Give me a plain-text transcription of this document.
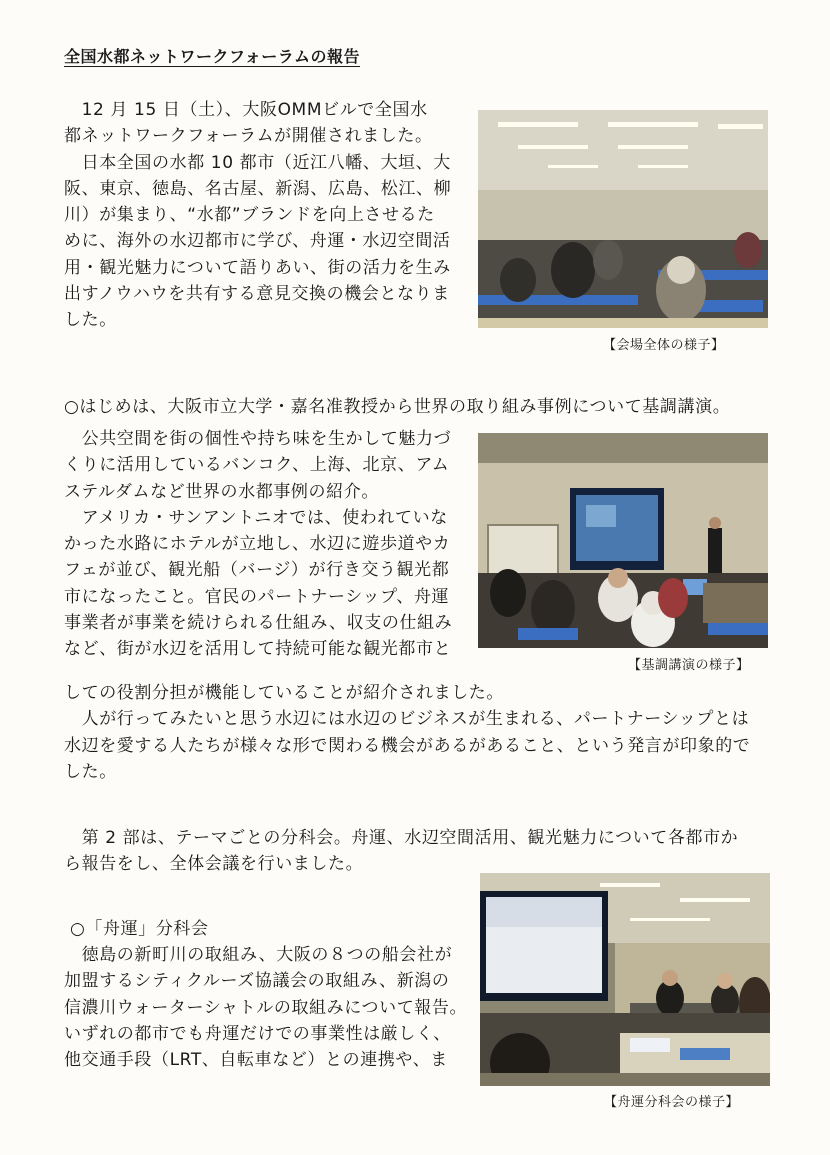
全国水都ネットワークフォーラムの報告
　12 月 15 日（土）、大阪OMMビルで全国水
都ネットワークフォーラムが開催されました。
　日本全国の水都 10 都市（近江八幡、大垣、大
阪、東京、徳島、名古屋、新潟、広島、松江、柳
川）が集まり、“水都”ブランドを向上させるた
めに、海外の水辺都市に学び、舟運・水辺空間活
用・観光魅力について語りあい、街の活力を生み
出すノウハウを共有する意見交換の機会となりま
した。
【会場全体の様子】
○はじめは、大阪市立大学・嘉名准教授から世界の取り組み事例について基調講演。
　公共空間を街の個性や持ち味を生かして魅力づ
くりに活用しているバンコク、上海、北京、アム
ステルダムなど世界の水都事例の紹介。
　アメリカ・サンアントニオでは、使われていな
かった水路にホテルが立地し、水辺に遊歩道やカ
フェが並び、観光船（バージ）が行き交う観光都
市になったこと。官民のパートナーシップ、舟運
事業者が事業を続けられる仕組み、収支の仕組み
など、街が水辺を活用して持続可能な観光都市と
【基調講演の様子】
しての役割分担が機能していることが紹介されました。
　人が行ってみたいと思う水辺には水辺のビジネスが生まれる、パートナーシップとは
水辺を愛する人たちが様々な形で関わる機会があるがあること、という発言が印象的で
した。
　第 2 部は、テーマごとの分科会。舟運、水辺空間活用、観光魅力について各都市か
ら報告をし、全体会議を行いました。
○「舟運」分科会
　徳島の新町川の取組み、大阪の８つの船会社が
加盟するシティクルーズ協議会の取組み、新潟の
信濃川ウォーターシャトルの取組みについて報告。
いずれの都市でも舟運だけでの事業性は厳しく、
他交通手段（LRT、自転車など）との連携や、ま
【舟運分科会の様子】
